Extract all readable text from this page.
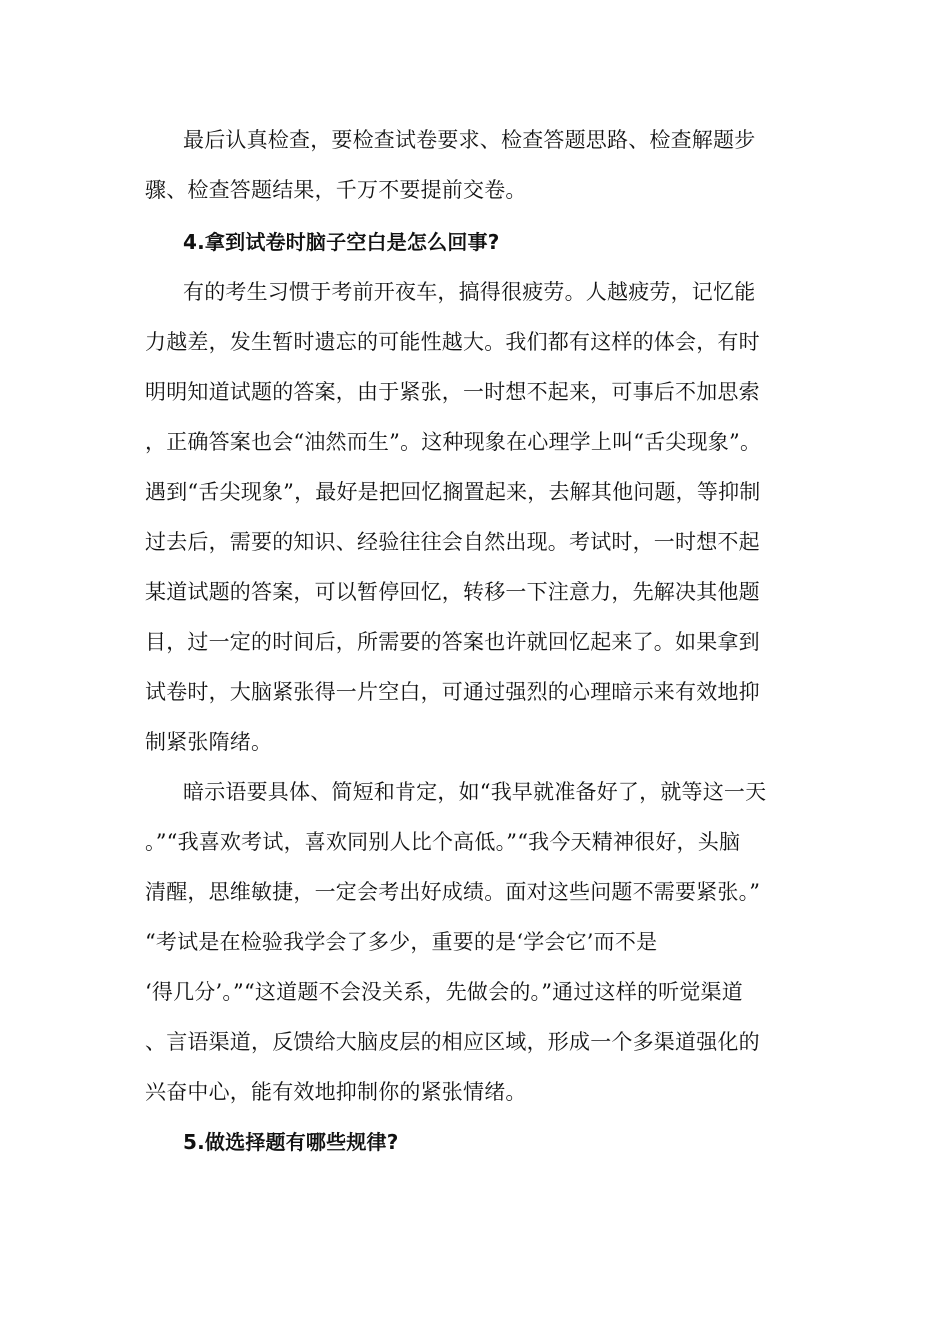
最后认真检查，要检查试卷要求、检查答题思路、检查解题步
骤、检查答题结果，千万不要提前交卷。
4.拿到试卷时脑子空白是怎么回事?
有的考生习惯于考前开夜车，搞得很疲劳。人越疲劳，记忆能
力越差，发生暂时遗忘的可能性越大。我们都有这样的体会，有时
明明知道试题的答案，由于紧张，一时想不起来，可事后不加思索
，正确答案也会“油然而生”。这种现象在心理学上叫“舌尖现象”。
遇到“舌尖现象”，最好是把回忆搁置起来，去解其他问题，等抑制
过去后，需要的知识、经验往往会自然出现。考试时，一时想不起
某道试题的答案，可以暂停回忆，转移一下注意力，先解决其他题
目，过一定的时间后，所需要的答案也许就回忆起来了。如果拿到
试卷时，大脑紧张得一片空白，可通过强烈的心理暗示来有效地抑
制紧张隋绪。
暗示语要具体、简短和肯定，如“我早就准备好了，就等这一天
。”“我喜欢考试，喜欢同别人比个高低。”“我今天精神很好，头脑
清醒，思维敏捷，一定会考出好成绩。面对这些问题不需要紧张。”
“考试是在检验我学会了多少，重要的是‘学会它’而不是
‘得几分’。”“这道题不会没关系，先做会的。”通过这样的听觉渠道
、言语渠道，反馈给大脑皮层的相应区域，形成一个多渠道强化的
兴奋中心，能有效地抑制你的紧张情绪。
5.做选择题有哪些规律?
